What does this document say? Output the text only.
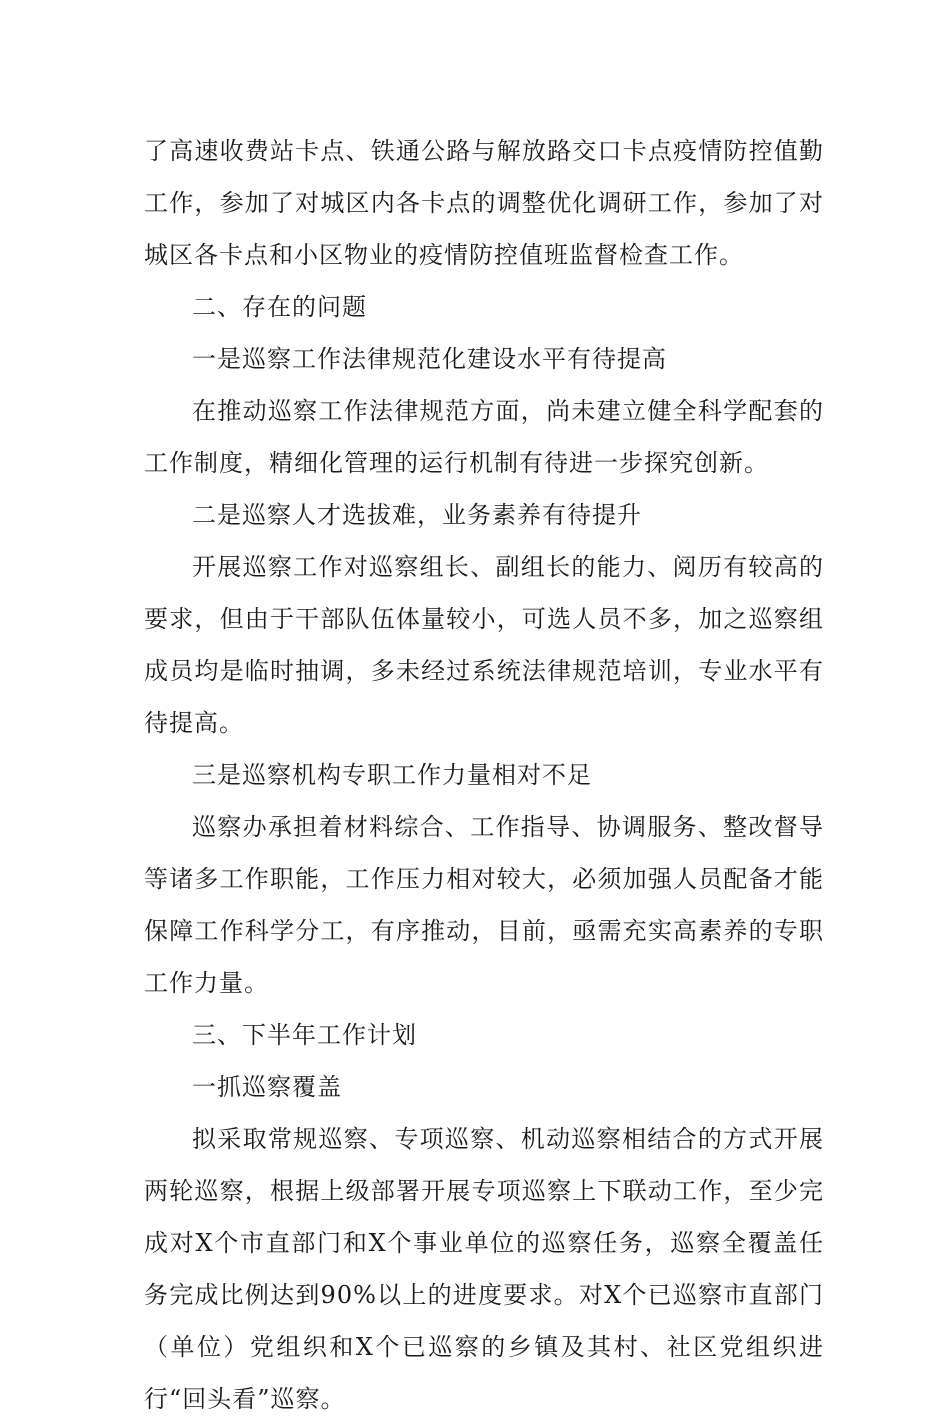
了高速收费站卡点、铁通公路与解放路交口卡点疫情防控值勤工作，参加了对城区内各卡点的调整优化调研工作，参加了对城区各卡点和小区物业的疫情防控值班监督检查工作。

二、存在的问题

一是巡察工作法律规范化建设水平有待提高

在推动巡察工作法律规范方面，尚未建立健全科学配套的工作制度，精细化管理的运行机制有待进一步探究创新。

二是巡察人才选拔难，业务素养有待提升

开展巡察工作对巡察组长、副组长的能力、阅历有较高的要求，但由于干部队伍体量较小，可选人员不多，加之巡察组成员均是临时抽调，多未经过系统法律规范培训，专业水平有待提高。

三是巡察机构专职工作力量相对不足

巡察办承担着材料综合、工作指导、协调服务、整改督导等诸多工作职能，工作压力相对较大，必须加强人员配备才能保障工作科学分工，有序推动，目前，亟需充实高素养的专职工作力量。

三、下半年工作计划

一抓巡察覆盖

拟采取常规巡察、专项巡察、机动巡察相结合的方式开展两轮巡察，根据上级部署开展专项巡察上下联动工作，至少完成对X个市直部门和X个事业单位的巡察任务，巡察全覆盖任务完成比例达到90%以上的进度要求。对X个已巡察市直部门（单位）党组织和X个已巡察的乡镇及其村、社区党组织进行“回头看”巡察。
